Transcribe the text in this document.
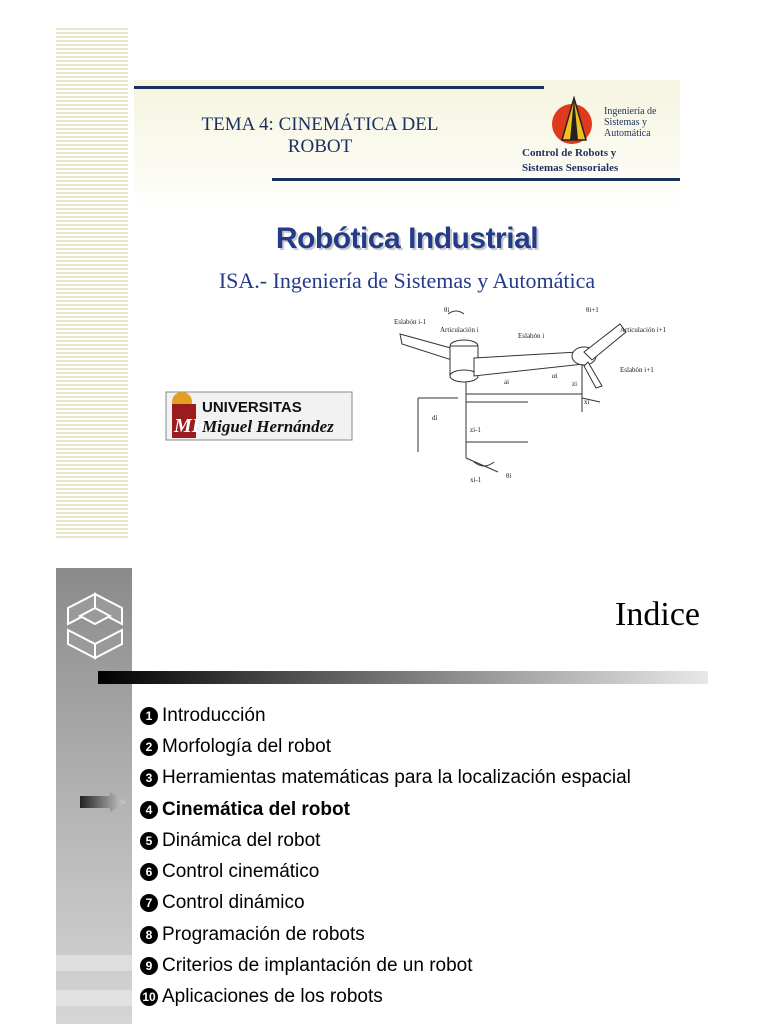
TEMA 4: CINEMÁTICA DEL
ROBOT
Ingeniería de
Sistemas y
Automática
Control de Robots y
Sistemas Sensoriales
Robótica Industrial
ISA.- Ingeniería de Sistemas y Automática
MH
UNIVERSITAS
Miguel Hernández
θi	θi+1
Eslabón i-1
Articulación i
Eslabón i
Articulación i+1
Eslabón i+1
ai
αi
zi
xi
di
zi-1
xi-1	θi
Indice
1 Introducción
2 Morfología del robot
3 Herramientas matemáticas para la localización espacial
4 Cinemática del robot
5 Dinámica del robot
6 Control cinemático
7 Control dinámico
8 Programación de robots
9 Criterios de implantación de un robot
10 Aplicaciones de los robots
